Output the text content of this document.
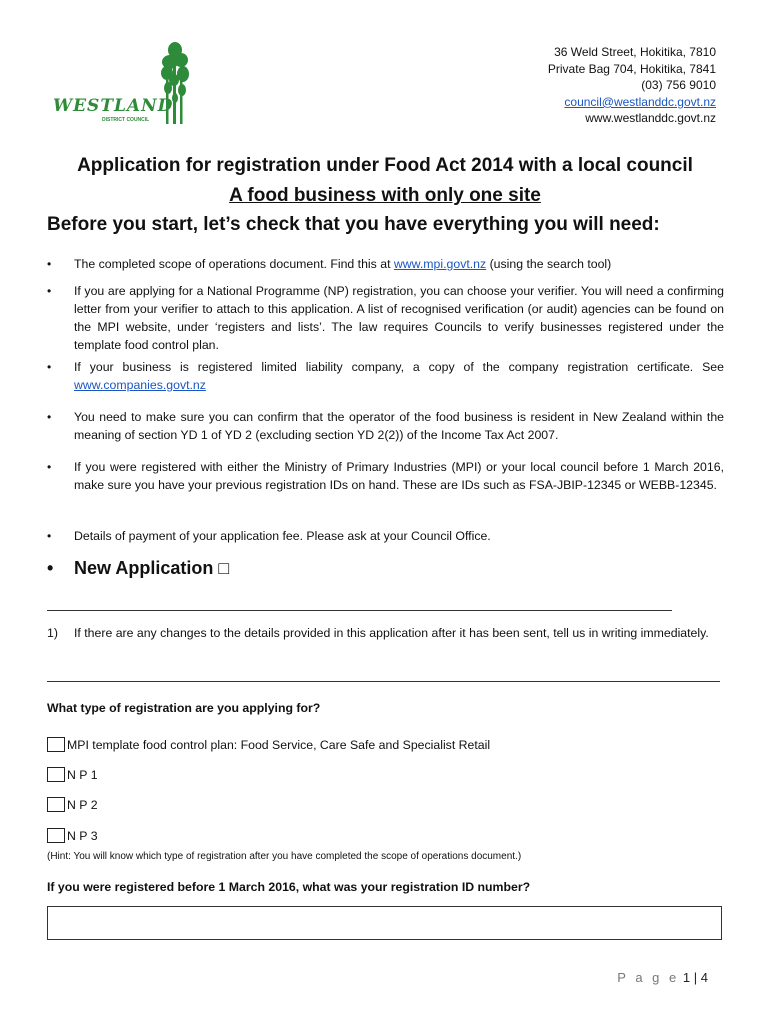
WESTLAND
DISTRICT COUNCIL
36 Weld Street, Hokitika, 7810
Private Bag 704, Hokitika, 7841
(03) 756 9010
council@westlanddc.govt.nz
www.westlanddc.govt.nz
Application for registration under Food Act 2014 with a local council
A food business with only one site
Before you start, let’s check that you have everything you will need:
• The completed scope of operations document. Find this at www.mpi.govt.nz (using the search tool)
• If you are applying for a National Programme (NP) registration, you can choose your verifier. You will need a confirming letter from your verifier to attach to this application. A list of recognised verification (or audit) agencies can be found on the MPI website, under ‘registers and lists’. The law requires Councils to verify businesses registered under the template food control plan.
• If your business is registered limited liability company, a copy of the company registration certificate. See www.companies.govt.nz
• You need to make sure you can confirm that the operator of the food business is resident in New Zealand within the meaning of section YD 1 of YD 2 (excluding section YD 2(2)) of the Income Tax Act 2007.
• If you were registered with either the Ministry of Primary Industries (MPI) or your local council before 1 March 2016, make sure you have your previous registration IDs on hand. These are IDs such as FSA-JBIP-12345 or WEBB-12345.
• Details of payment of your application fee. Please ask at your Council Office.
• New Application □
1) If there are any changes to the details provided in this application after it has been sent, tell us in writing immediately.
What type of registration are you applying for?
MPI template food control plan: Food Service, Care Safe and Specialist Retail
N P 1
N P 2
N P 3
(Hint: You will know which type of registration after you have completed the scope of operations document.)
If you were registered before 1 March 2016, what was your registration ID number?
P a g e 1 | 4
